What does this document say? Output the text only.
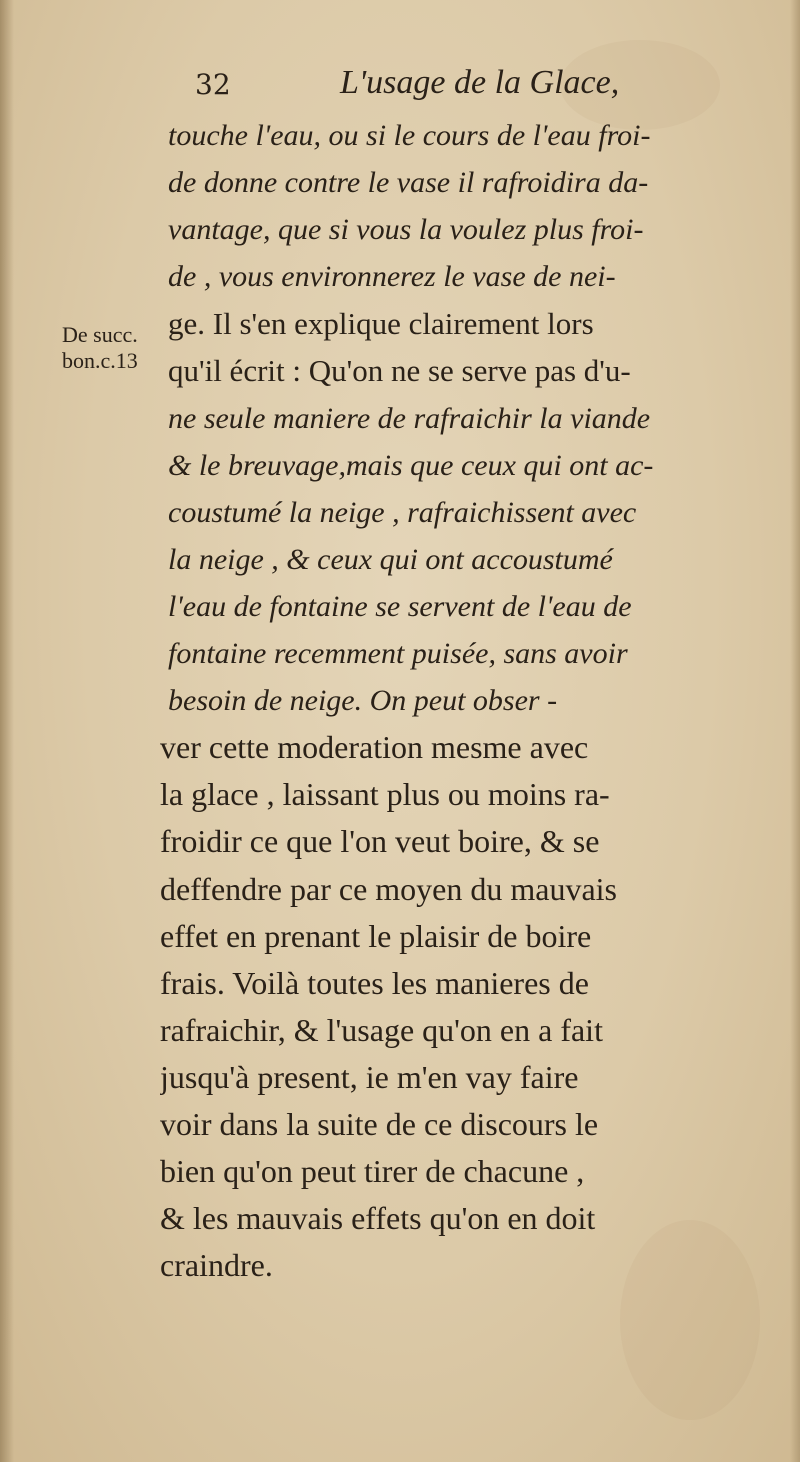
32	L'usage de la Glace,
De succ.
bon.c.13
touche l'eau, ou si le cours de l'eau froi-
de donne contre le vase il rafroidira da-
vantage, que si vous la voulez plus froi-
de , vous environnerez le vase de nei-
ge. Il s'en explique clairement lors
qu'il écrit : Qu'on ne se serve pas d'u-
ne seule maniere de rafraichir la viande
& le breuvage,mais que ceux qui ont ac-
coustumé la neige , rafraichissent avec
la neige , & ceux qui ont accoustumé
l'eau de fontaine se servent de l'eau de
fontaine recemment puisée, sans avoir
besoin de neige. On peut obser -
ver cette moderation mesme avec
la glace , laissant plus ou moins ra-
froidir ce que l'on veut boire, & se
deffendre par ce moyen du mauvais
effet en prenant le plaisir de boire
frais. Voilà toutes les manieres de
rafraichir, & l'usage qu'on en a fait
jusqu'à present, ie m'en vay faire
voir dans la suite de ce discours le
bien qu'on peut tirer de chacune ,
& les mauvais effets qu'on en doit
craindre.
